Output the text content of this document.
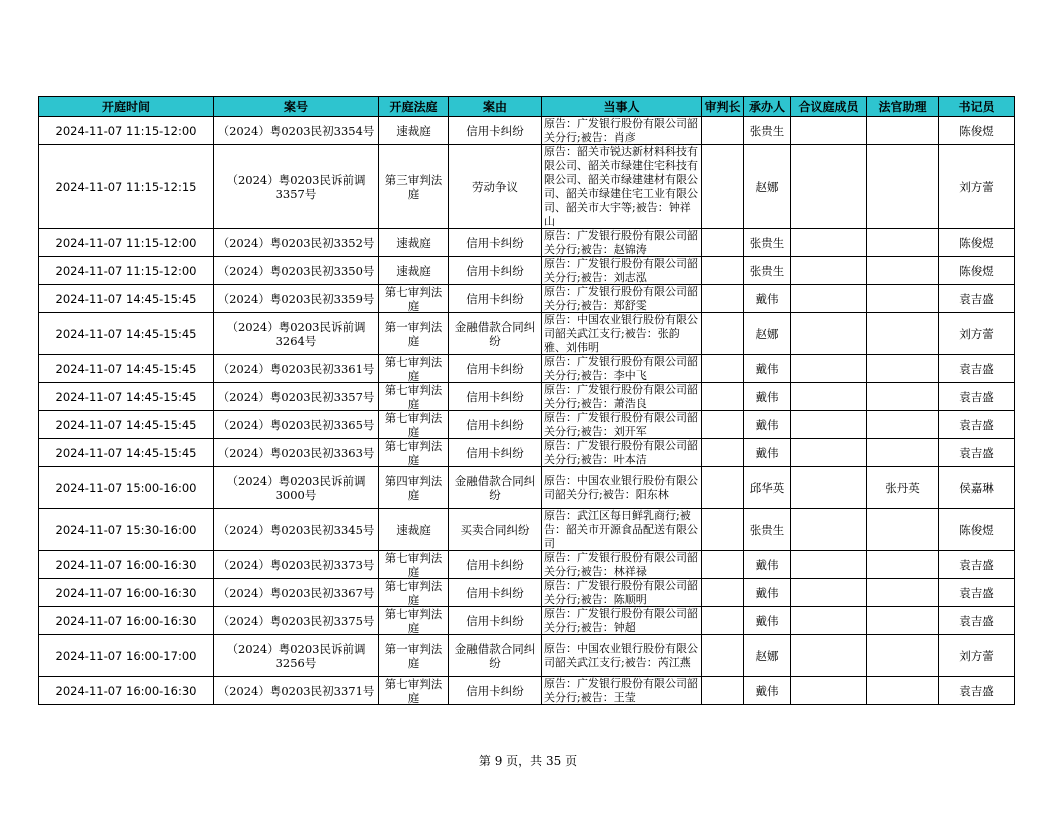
开庭时间	案号	开庭法庭	案由	当事人	审判长	承办人	合议庭成员	法官助理	书记员

2024-11-07 11:15-12:00	（2024）粤0203民初3354号	速裁庭	信用卡纠纷	原告：广发银行股份有限公司韶关分行;被告：肖彦		张贵生			陈俊煜

2024-11-07 11:15-12:15	（2024）粤0203民诉前调3357号	第三审判法庭	劳动争议	原告：韶关市锐达新材料科技有限公司、韶关市绿建住宅科技有限公司、韶关市绿建建材有限公司、韶关市绿建住宅工业有限公司、韶关市大宇等;被告：钟祥山		赵娜			刘方蕾

2024-11-07 11:15-12:00	（2024）粤0203民初3352号	速裁庭	信用卡纠纷	原告：广发银行股份有限公司韶关分行;被告：赵锦涛		张贵生			陈俊煜

2024-11-07 11:15-12:00	（2024）粤0203民初3350号	速裁庭	信用卡纠纷	原告：广发银行股份有限公司韶关分行;被告：刘志泓		张贵生			陈俊煜

2024-11-07 14:45-15:45	（2024）粤0203民初3359号	第七审判法庭	信用卡纠纷	原告：广发银行股份有限公司韶关分行;被告：郑舒雯		戴伟			袁吉盛

2024-11-07 14:45-15:45	（2024）粤0203民诉前调3264号	第一审判法庭	金融借款合同纠纷	原告：中国农业银行股份有限公司韶关武江支行;被告：张韵雅、刘伟明		赵娜			刘方蕾

2024-11-07 14:45-15:45	（2024）粤0203民初3361号	第七审判法庭	信用卡纠纷	原告：广发银行股份有限公司韶关分行;被告：李中飞		戴伟			袁吉盛

2024-11-07 14:45-15:45	（2024）粤0203民初3357号	第七审判法庭	信用卡纠纷	原告：广发银行股份有限公司韶关分行;被告：萧浩良		戴伟			袁吉盛

2024-11-07 14:45-15:45	（2024）粤0203民初3365号	第七审判法庭	信用卡纠纷	原告：广发银行股份有限公司韶关分行;被告：刘开军		戴伟			袁吉盛

2024-11-07 14:45-15:45	（2024）粤0203民初3363号	第七审判法庭	信用卡纠纷	原告：广发银行股份有限公司韶关分行;被告：叶本洁		戴伟			袁吉盛

2024-11-07 15:00-16:00	（2024）粤0203民诉前调3000号	第四审判法庭	金融借款合同纠纷	原告：中国农业银行股份有限公司韶关分行;被告：阳东林		邱华英		张丹英	侯嘉琳

2024-11-07 15:30-16:00	（2024）粤0203民初3345号	速裁庭	买卖合同纠纷	原告：武江区每日鲜乳商行;被告：韶关市开源食品配送有限公司		张贵生			陈俊煜

2024-11-07 16:00-16:30	（2024）粤0203民初3373号	第七审判法庭	信用卡纠纷	原告：广发银行股份有限公司韶关分行;被告：林祥禄		戴伟			袁吉盛

2024-11-07 16:00-16:30	（2024）粤0203民初3367号	第七审判法庭	信用卡纠纷	原告：广发银行股份有限公司韶关分行;被告：陈顺明		戴伟			袁吉盛

2024-11-07 16:00-16:30	（2024）粤0203民初3375号	第七审判法庭	信用卡纠纷	原告：广发银行股份有限公司韶关分行;被告：钟超		戴伟			袁吉盛

2024-11-07 16:00-17:00	（2024）粤0203民诉前调3256号	第一审判法庭	金融借款合同纠纷	原告：中国农业银行股份有限公司韶关武江支行;被告：芮江燕		赵娜			刘方蕾

2024-11-07 16:00-16:30	（2024）粤0203民初3371号	第七审判法庭	信用卡纠纷	原告：广发银行股份有限公司韶关分行;被告：王莹		戴伟			袁吉盛
第 9 页，共 35 页
